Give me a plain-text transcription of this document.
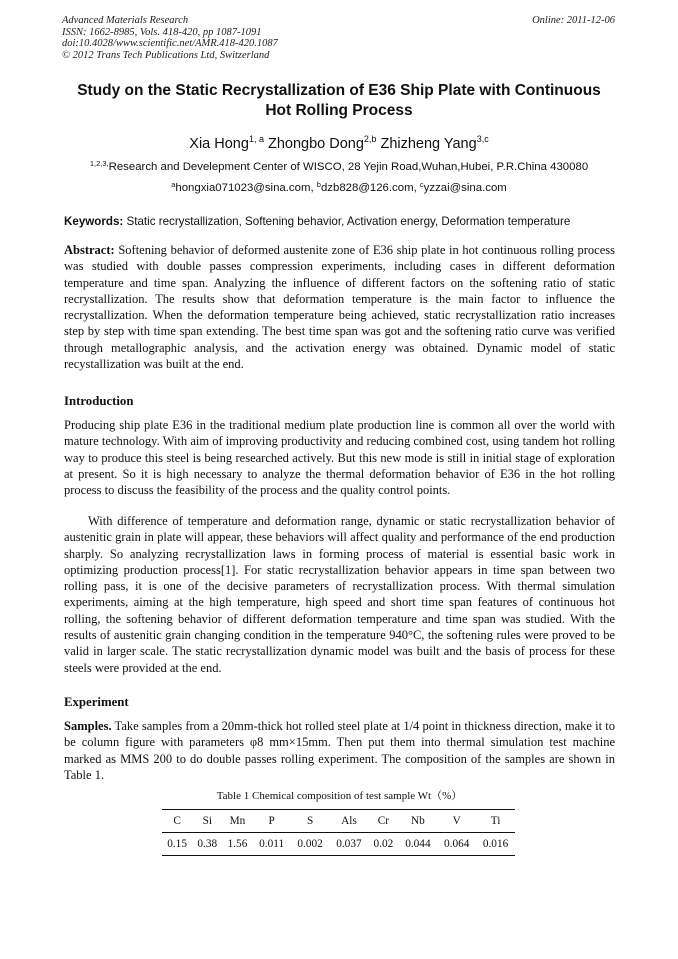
Advanced Materials Research
ISSN: 1662-8985, Vols. 418-420, pp 1087-1091
doi:10.4028/www.scientific.net/AMR.418-420.1087
© 2012 Trans Tech Publications Ltd, Switzerland
Online: 2011-12-06
Study on the Static Recrystallization of E36 Ship Plate with Continuous
Hot Rolling Process
Xia Hong$^{1, a}$ Zhongbo Dong$^{2,b}$ Zhizheng Yang$^{3,c}$
$^{1,2,3,}$Research and Develepment Center of WISCO, 28 Yejin Road,Wuhan,Hubei, P.R.China 430080
$^a$hongxia071023@sina.com, $^b$dzb828@126.com, $^c$yzzai@sina.com
Keywords: Static recrystallization, Softening behavior, Activation energy, Deformation temperature
Abstract: Softening behavior of deformed austenite zone of E36 ship plate in hot continuous rolling process was studied with double passes compression experiments, including cases in different deformation temperature and time span. Analyzing the influence of different factors on the softening ratio of static recrystallization. The results show that deformation temperature is the main factor to influence the recrystallization. When the deformation temperature being achieved, static recrystallization ratio increases step by step with time span extending. The best time span was got and the softening ratio curve was verified through metallographic analysis, and the activation energy was obtained. Dynamic model of static recystallization was built at the end.
Introduction
Producing ship plate E36 in the traditional medium plate production line is common all over the world with mature technology. With aim of improving productivity and reducing combined cost, using tandem hot rolling way to produce this steel is being researched actively. But this new mode is still in initial stage of exploration at present. So it is high necessary to analyze the thermal deformation behavior of E36 in the hot rolling process to discuss the feasibility of the process and the quality control points.
With difference of temperature and deformation range, dynamic or static recrystallization behavior of austenitic grain in plate will appear, these behaviors will affect quality and performance of the end production sharply. So analyzing recrystallization laws in forming process of material is essential basic work in optimizing production process[1]. For static recrystallization behavior appears in time span between two rolling pass, it is one of the decisive parameters of recrystallization process. With thermal simulation experiments, aiming at the high temperature, high speed and short time span features of continuous hot rolling, the softening behavior of different deformation temperature and time span was studied. With the results of austenitic grain changing condition in the temperature 940°C, the softening rules were proved to be valid in larger scale. The static recrystallization dynamic model was built and the basis of process for these steels were provided at the end.
Experiment
Samples. Take samples from a 20mm-thick hot rolled steel plate at 1/4 point in thickness direction, make it to be column figure with parameters φ8 mm×15mm. Then put them into thermal simulation test machine marked as MMS 200 to do double passes rolling experiment. The composition of the samples are shown in Table 1.
Table 1 Chemical composition of test sample Wt（%）
C	Si	Mn	P	S	Als	Cr	Nb	V	Ti
0.15	0.38	1.56	0.011	0.002	0.037	0.02	0.044	0.064	0.016
